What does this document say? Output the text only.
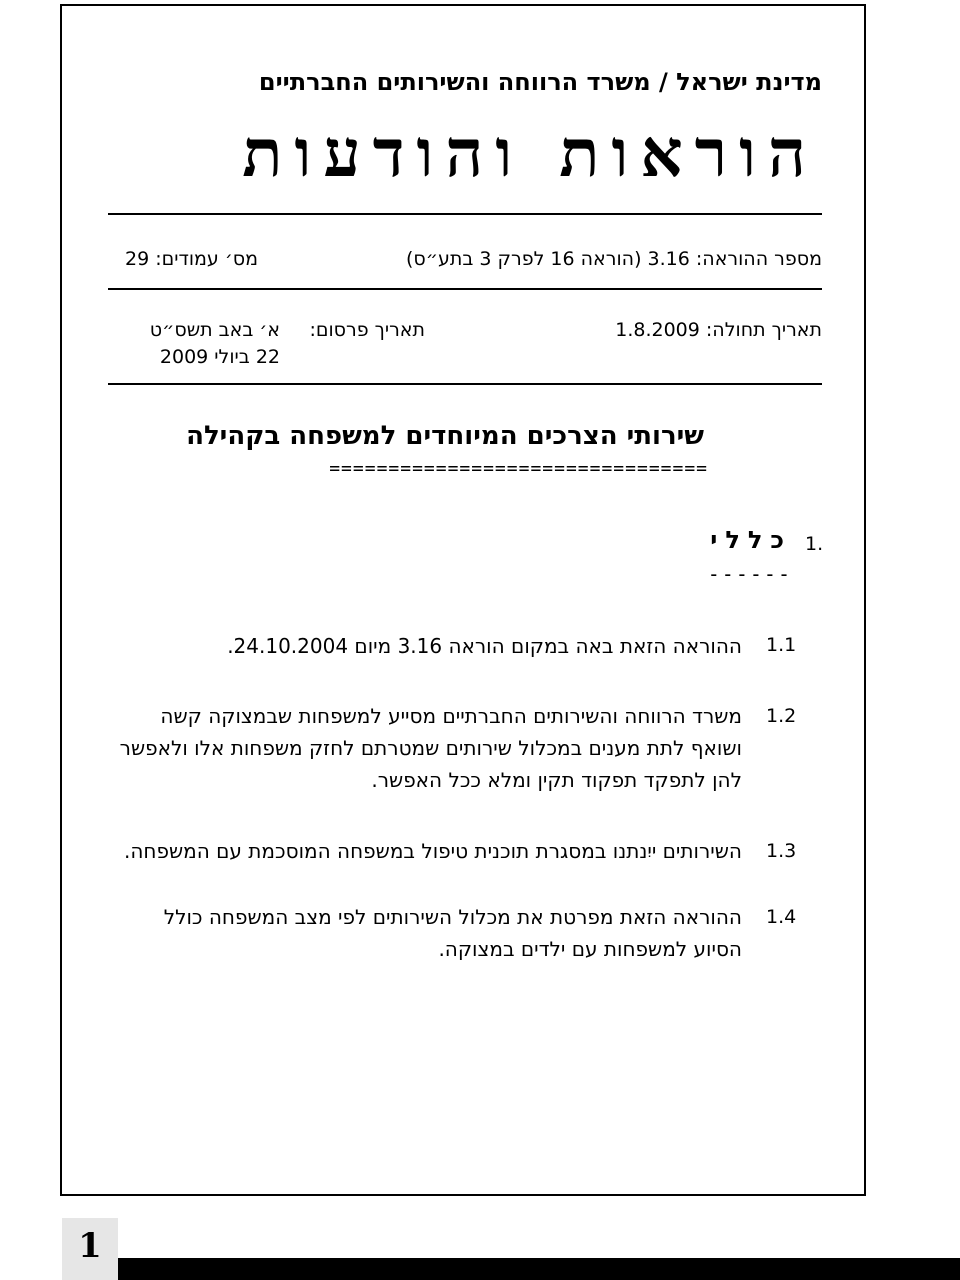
מדינת ישראל / משרד הרווחה והשירותים החברתיים
הוראות והודעות
מספר ההוראה: 3.16 (הוראה 16 לפרק 3 בתע״ס)
מס׳ עמודים: 29
תאריך תחולה: 1.8.2009
תאריך פרסום:
א׳ באב תשס״ט
22 ביולי 2009
שירותי הצרכים המיוחדים למשפחה בקהילה
================================
1.
כללי
------
1.1
ההוראה הזאת באה במקום הוראה 3.16 מיום 24.10.2004.
1.2
משרד הרווחה והשירותים החברתיים מסייע למשפחות שבמצוקה קשה
ושואף לתת מענים במכלול שירותים שמטרתם לחזק משפחות אלו ולאפשר
להן לתפקד תפקוד תקין ומלא ככל האפשר.
1.3
השירותים ייִנתנו במסגרת תוכנית טיפול במשפחה המוסכמת עם המשפחה.
1.4
ההוראה הזאת מפרטת את מכלול השירותים לפי מצב המשפחה כולל
הסיוע למשפחות עם ילדים במצוקה.
1
